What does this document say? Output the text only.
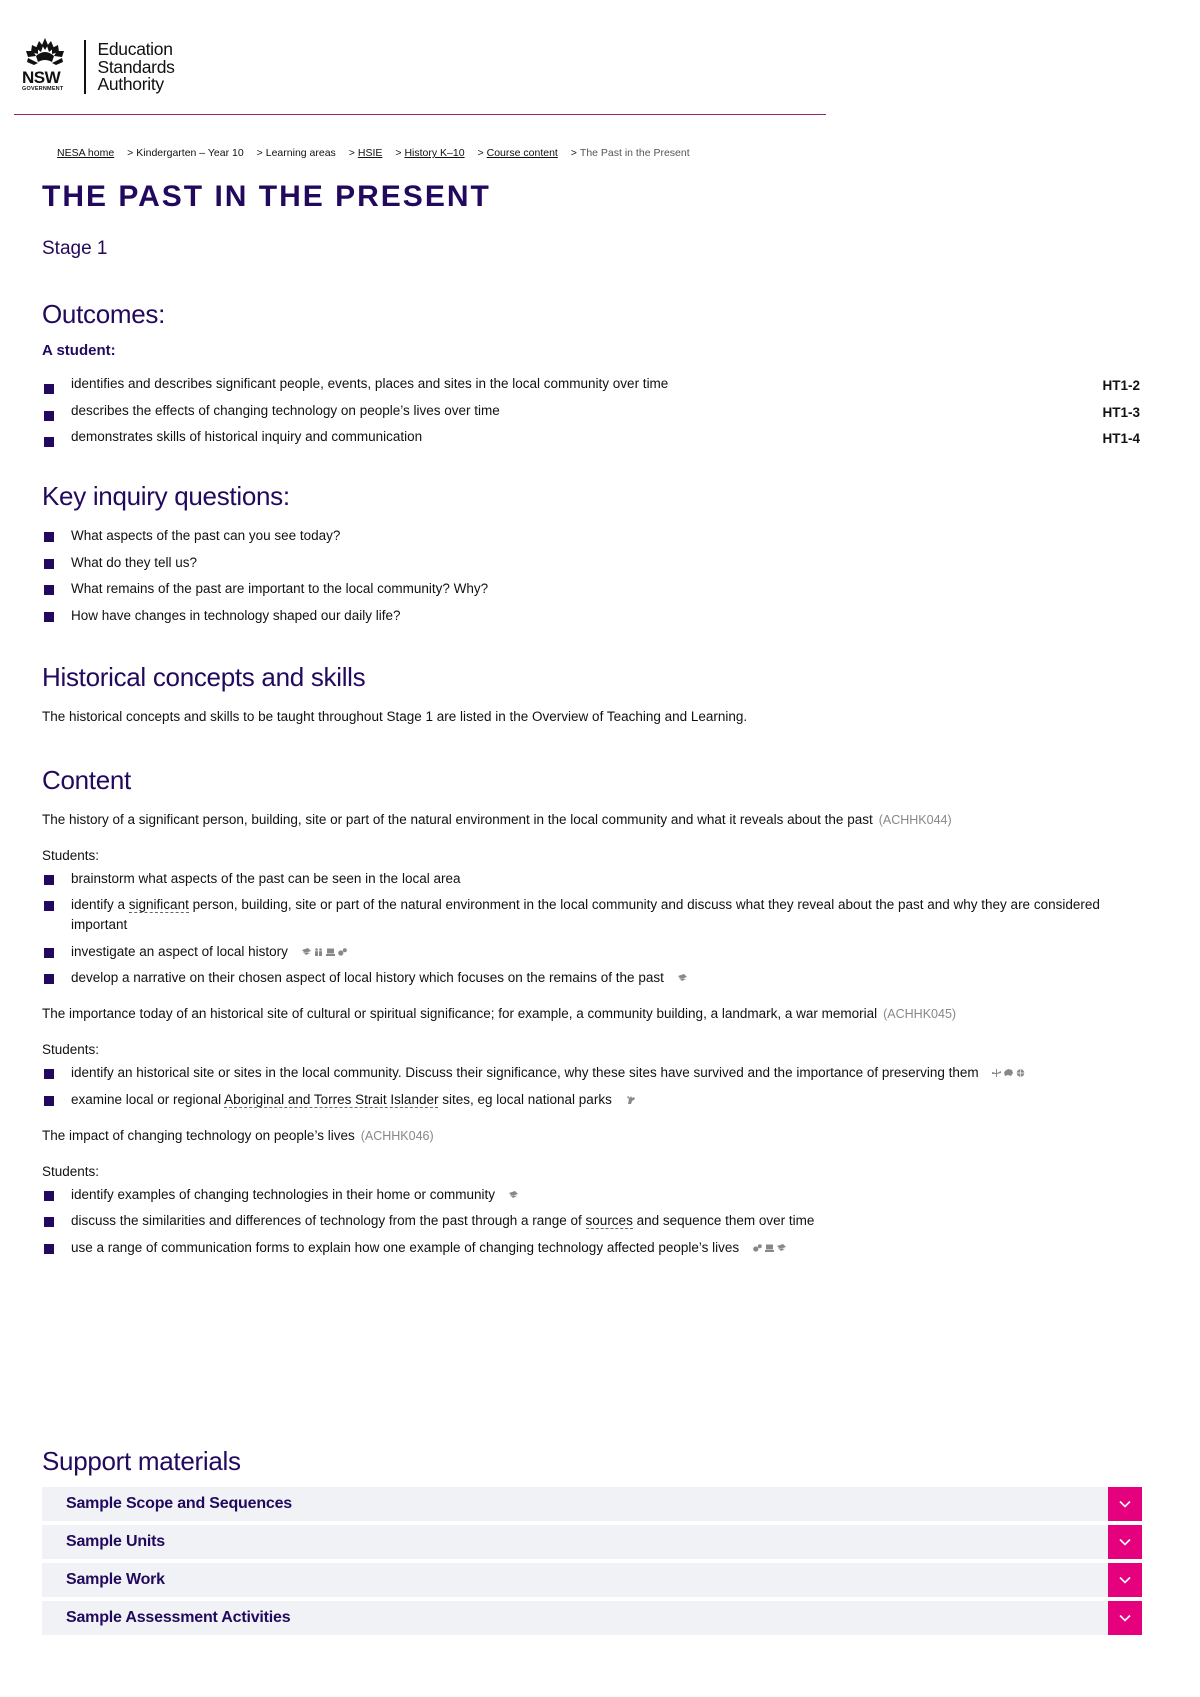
NSW
GOVERNMENT
Education
Standards
Authority
NESA home > Kindergarten – Year 10 > Learning areas > HSIE > History K–10 > Course content > The Past in the Present
THE PAST IN THE PRESENT
Stage 1
Outcomes:
A student:
identifies and describes significant people, events, places and sites in the local community over time	HT1-2
describes the effects of changing technology on people’s lives over time	HT1-3
demonstrates skills of historical inquiry and communication	HT1-4
Key inquiry questions:
What aspects of the past can you see today?
What do they tell us?
What remains of the past are important to the local community? Why?
How have changes in technology shaped our daily life?
Historical concepts and skills
The historical concepts and skills to be taught throughout Stage 1 are listed in the Overview of Teaching and Learning.
Content
The history of a significant person, building, site or part of the natural environment in the local community and what it reveals about the past (ACHHK044)
Students:
brainstorm what aspects of the past can be seen in the local area
identify a significant person, building, site or part of the natural environment in the local community and discuss what they reveal about the past and why they are considered important
investigate an aspect of local history
develop a narrative on their chosen aspect of local history which focuses on the remains of the past
The importance today of an historical site of cultural or spiritual significance; for example, a community building, a landmark, a war memorial (ACHHK045)
Students:
identify an historical site or sites in the local community. Discuss their significance, why these sites have survived and the importance of preserving them
examine local or regional Aboriginal and Torres Strait Islander sites, eg local national parks
The impact of changing technology on people’s lives (ACHHK046)
Students:
identify examples of changing technologies in their home or community
discuss the similarities and differences of technology from the past through a range of sources and sequence them over time
use a range of communication forms to explain how one example of changing technology affected people’s lives
Support materials
Sample Scope and Sequences
Sample Units
Sample Work
Sample Assessment Activities
